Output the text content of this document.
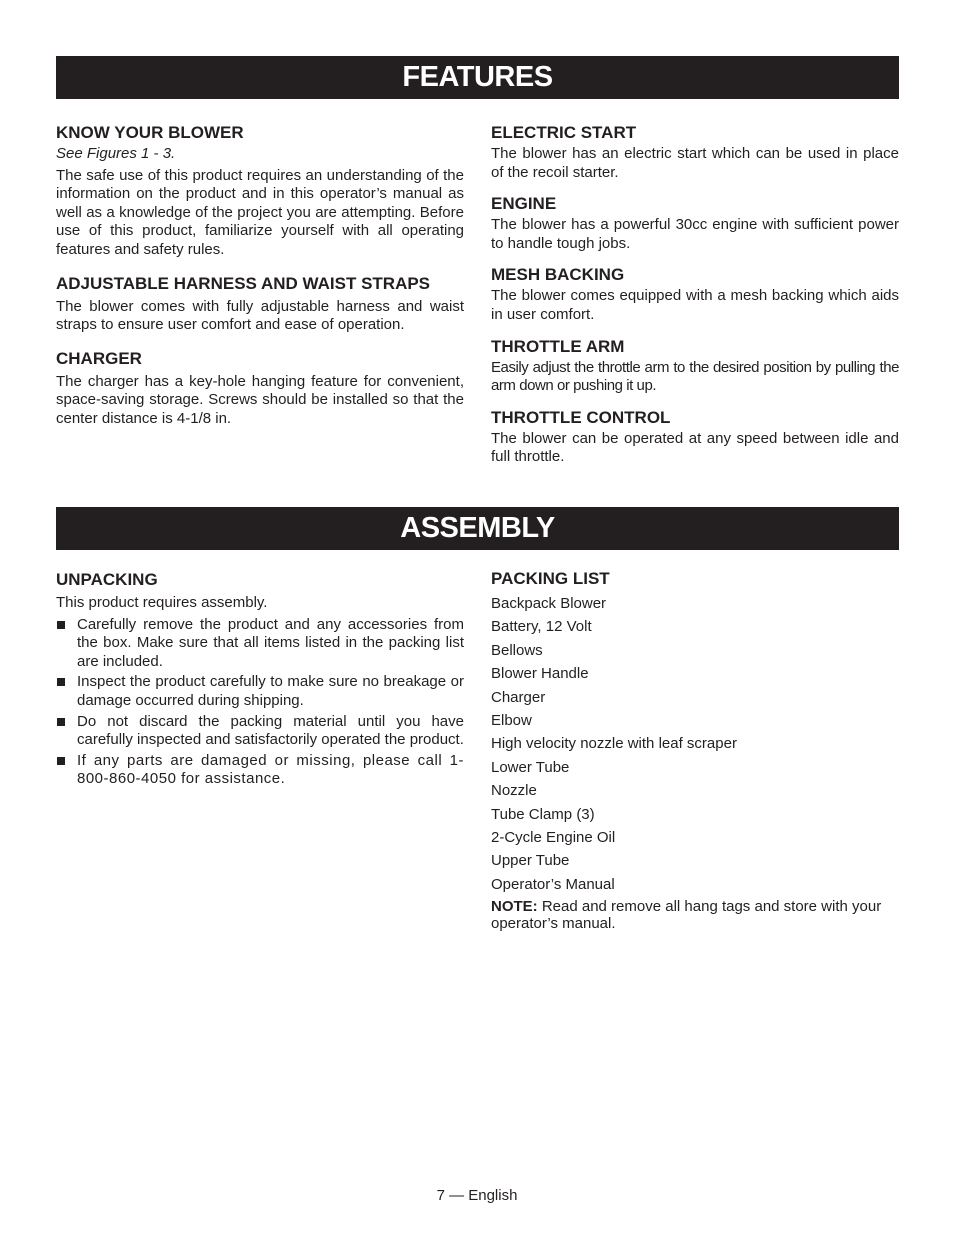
FEATURES
KNOW YOUR BLOWER

See Figures 1 - 3.

The safe use of this product requires an understanding of the information on the product and in this operator’s manual as well as a knowledge of the project you are attempting. Before use of this product, familiarize yourself with all operating features and safety rules.

ADJUSTABLE HARNESS AND WAIST STRAPS

The blower comes with fully adjustable harness and waist straps to ensure user comfort and ease of operation.

CHARGER

The charger has a key-hole hanging feature for convenient, space-saving storage. Screws should be installed so that the center distance is 4-1/8 in.

ELECTRIC START

The blower has an electric start which can be used in place of the recoil starter.

ENGINE

The blower has a powerful 30cc engine with sufficient power to handle tough jobs.

MESH BACKING

The blower comes equipped with a mesh backing which aids in user comfort.

THROTTLE ARM

Easily adjust the throttle arm to the desired position by pulling the arm down or pushing it up.

THROTTLE CONTROL

The blower can be operated at any speed between idle and full throttle.

ASSEMBLY
UNPACKING

This product requires assembly.

Carefully remove the product and any accessories from the box. Make sure that all items listed in the packing list are included.
Inspect the product carefully to make sure no breakage or damage occurred during shipping.
Do not discard the packing material until you have carefully inspected and satisfactorily operated the product.
If any parts are damaged or missing, please call 1-800-860-4050 for assistance.
PACKING LIST
Backpack Blower
Battery, 12 Volt
Bellows
Blower Handle
Charger
Elbow
High velocity nozzle with leaf scraper
Lower Tube
Nozzle
Tube Clamp (3)
2-Cycle Engine Oil
Upper Tube
Operator’s Manual

NOTE: Read and remove all hang tags and store with your operator’s manual.

7 — English
